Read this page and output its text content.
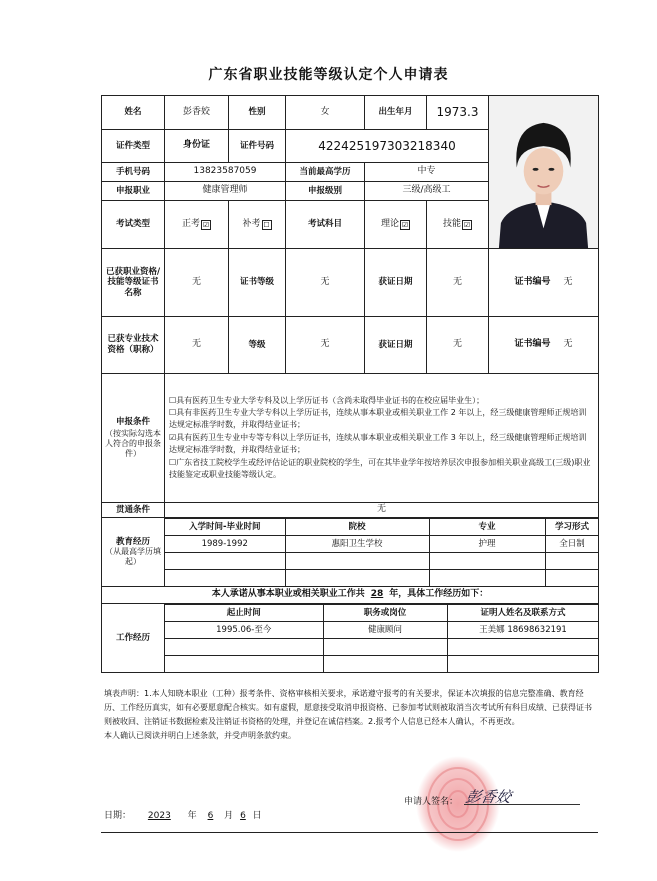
广东省职业技能等级认定个人申请表
姓名	彭香姣	性别	女	出生年月	1973.3	

证件类型	身份证	证件号码	422425197303218340
手机号码	13823587059	当前最高学历	中专
申报职业	健康管理师	申报级别	三级/高级工
考试类型	正考 ☑	补考 ☐	考试科目	理论 ☑	技能 ☑
已获职业资格/技能等级证书名称	无	证书等级	无	获证日期	无	证书编号 无
已获专业技术资格（职称）	无	等级	无	获证日期	无	证书编号 无

申报条件
（按实际勾选本人符合的申报条件）

☐具有医药卫生专业大学专科及以上学历证书（含尚未取得毕业证书的在校应届毕业生）；
☐具有非医药卫生专业大学专科以上学历证书，连续从事本职业或相关职业工作 2 年以上，经三级健康管理师正规培训达规定标准学时数，并取得结业证书；
☑具有医药卫生专业中专等专科以上学历证书，连续从事本职业或相关职业工作 3 年以上，经三级健康管理师正规培训达规定标准学时数，并取得结业证书；
☐广东省技工院校学生或经评估论证的职业院校的学生，可在其毕业学年按培养层次申报参加相关职业高级工(三级)职业技能鉴定或职业技能等级认定。

贯通条件	无

教育经历
（从最高学历填起）

入学时间-毕业时间	院校	专业	学习形式
1989-1992	惠阳卫生学校	护理	全日制

本人承诺从事本职业或相关职业工作共 28 年，具体工作经历如下：
工作经历	
起止时间	职务或岗位	证明人姓名及联系方式
1995.06-至今	健康顾问	王美娜 18698632191

填表声明：1.本人知晓本职业（工种）报考条件、资格审核相关要求，承诺遵守报考的有关要求，保证本次填报的信息完整准确、教育经历、工作经历真实，如有必要愿意配合核实。如有虚假，愿意接受取消申报资格、已参加考试则被取消当次考试所有科目成绩、已获得证书则被收回、注销证书数据检索及注销证书资格的处理，并登记在诚信档案。2.报考个人信息已经本人确认，不再更改。
本人确认已阅读并明白上述条款，并受声明条款约束。
申请人签名： 彭香姣
日期： 2023 年 6 月 6 日
